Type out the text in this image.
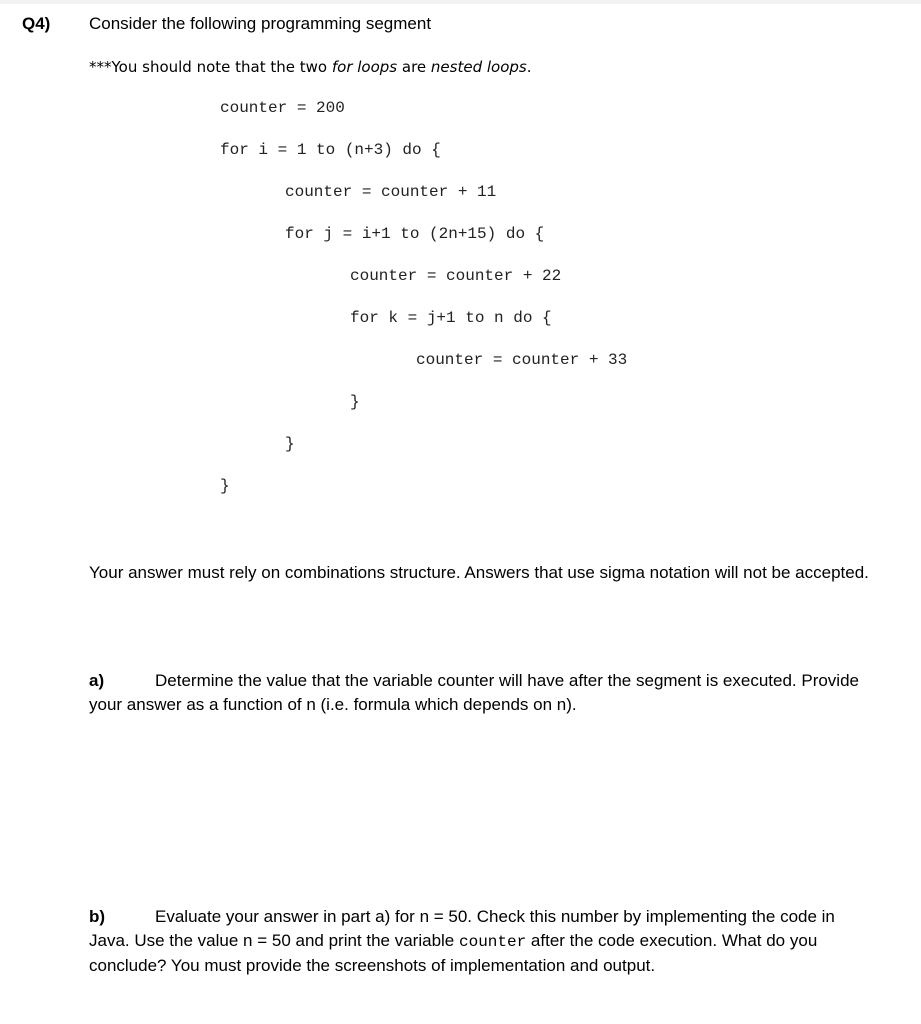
Q4) Consider the following programming segment
***You should note that the two for loops are nested loops.
counter = 200
for i = 1 to (n+3) do {
counter = counter + 11
for j = i+1 to (2n+15) do {
counter = counter + 22
for k = j+1 to n do {
counter = counter + 33
}
}
}
Your answer must rely on combinations structure. Answers that use sigma notation will not be accepted.
a)	Determine the value that the variable counter will have after the segment is executed. Provide your answer as a function of n (i.e. formula which depends on n).
b)	Evaluate your answer in part a) for n = 50. Check this number by implementing the code in Java. Use the value n = 50 and print the variable counter after the code execution. What do you conclude? You must provide the screenshots of implementation and output.
